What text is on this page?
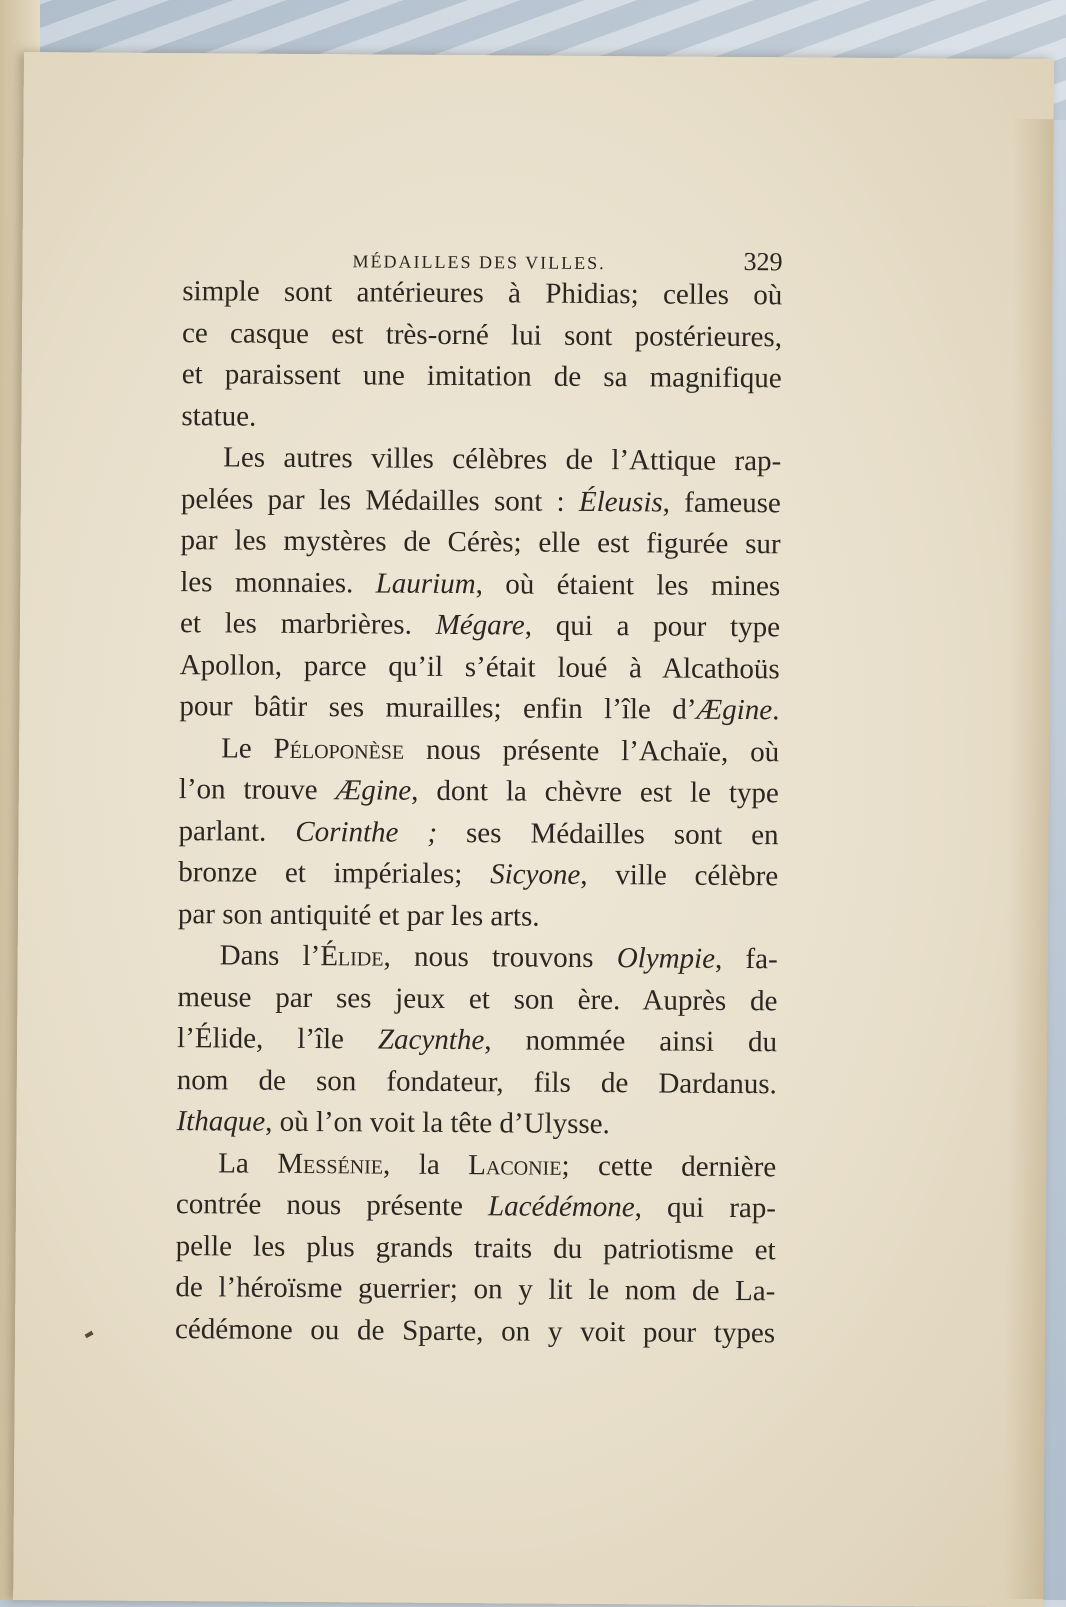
MÉDAILLES DES VILLES.	329
simple sont antérieures à Phidias; celles où
ce casque est très-orné lui sont postérieures,
et paraissent une imitation de sa magnifique
statue.
Les autres villes célèbres de l’Attique rap-
pelées par les Médailles sont : Éleusis, fameuse
par les mystères de Cérès; elle est figurée sur
les monnaies. Laurium, où étaient les mines
et les marbrières. Mégare, qui a pour type
Apollon, parce qu’il s’était loué à Alcathoüs
pour bâtir ses murailles; enfin l’île d’Ægine.
Le Péloponèse nous présente l’Achaïe, où
l’on trouve Ægine, dont la chèvre est le type
parlant. Corinthe ; ses Médailles sont en
bronze et impériales; Sicyone, ville célèbre
par son antiquité et par les arts.
Dans l’Élide, nous trouvons Olympie, fa-
meuse par ses jeux et son ère. Auprès de
l’Élide, l’île Zacynthe, nommée ainsi du
nom de son fondateur, fils de Dardanus.
Ithaque, où l’on voit la tête d’Ulysse.
La Messénie, la Laconie; cette dernière
contrée nous présente Lacédémone, qui rap-
pelle les plus grands traits du patriotisme et
de l’héroïsme guerrier; on y lit le nom de La-
cédémone ou de Sparte, on y voit pour types
